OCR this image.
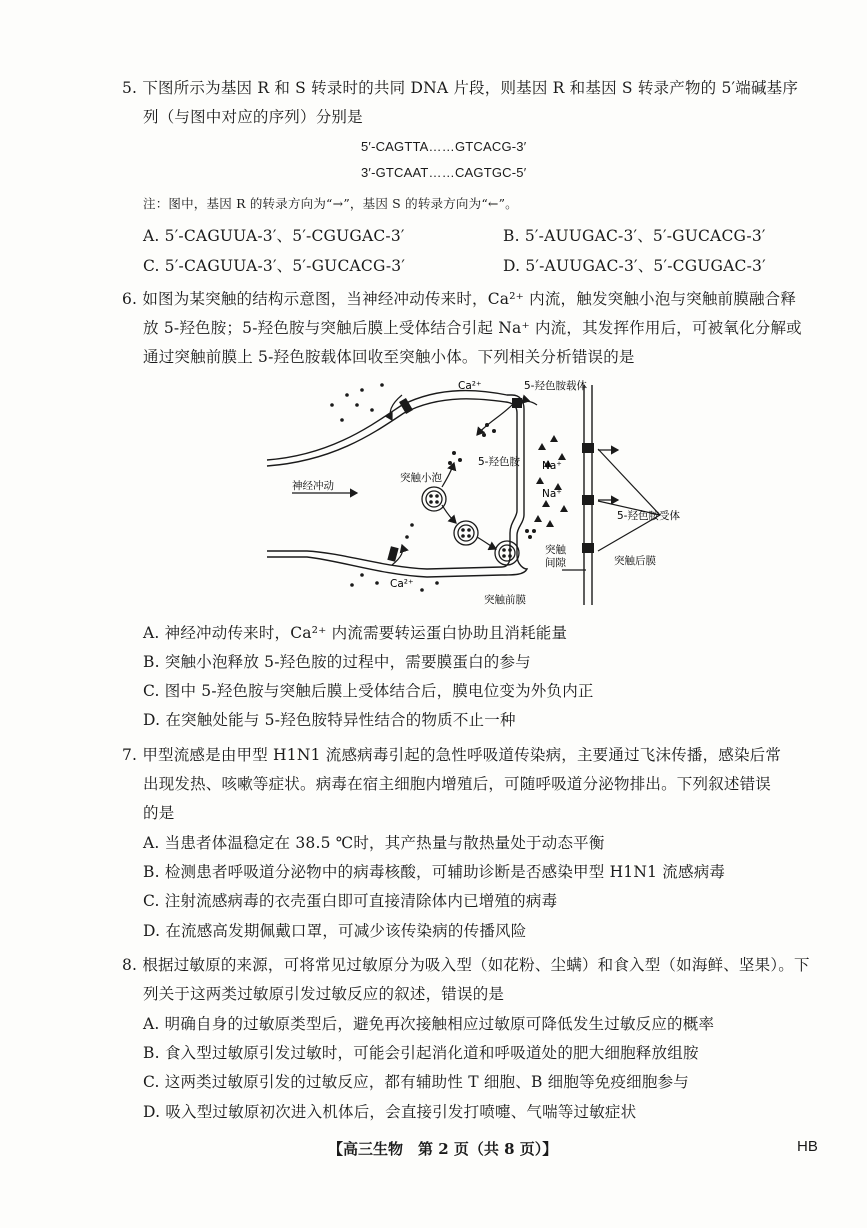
5. 下图所示为基因 R 和 S 转录时的共同 DNA 片段，则基因 R 和基因 S 转录产物的 5′端碱基序
列（与图中对应的序列）分别是
5′-CAGTTA……GTCACG-3′
3′-GTCAAT……CAGTGC-5′
注：图中，基因 R 的转录方向为“→”，基因 S 的转录方向为“←”。
A. 5′-CAGUUA-3′、5′-CGUGAC-3′	B. 5′-AUUGAC-3′、5′-GUCACG-3′
C. 5′-CAGUUA-3′、5′-GUCACG-3′	D. 5′-AUUGAC-3′、5′-CGUGAC-3′
6. 如图为某突触的结构示意图，当神经冲动传来时，Ca²⁺ 内流，触发突触小泡与突触前膜融合释
放 5-羟色胺；5-羟色胺与突触后膜上受体结合引起 Na⁺ 内流，其发挥作用后，可被氧化分解或
通过突触前膜上 5-羟色胺载体回收至突触小体。下列相关分析错误的是
Ca²⁺	5-羟色胺载体
5-羟色胺
突触小泡
神经冲动
Na⁺
Na⁺
5-羟色胺受体
突触
间隙	突触后膜
Ca²⁺
突触前膜
A. 神经冲动传来时，Ca²⁺ 内流需要转运蛋白协助且消耗能量
B. 突触小泡释放 5-羟色胺的过程中，需要膜蛋白的参与
C. 图中 5-羟色胺与突触后膜上受体结合后，膜电位变为外负内正
D. 在突触处能与 5-羟色胺特异性结合的物质不止一种
7. 甲型流感是由甲型 H1N1 流感病毒引起的急性呼吸道传染病，主要通过飞沫传播，感染后常
出现发热、咳嗽等症状。病毒在宿主细胞内增殖后，可随呼吸道分泌物排出。下列叙述错误
的是
A. 当患者体温稳定在 38.5 ℃时，其产热量与散热量处于动态平衡
B. 检测患者呼吸道分泌物中的病毒核酸，可辅助诊断是否感染甲型 H1N1 流感病毒
C. 注射流感病毒的衣壳蛋白即可直接清除体内已增殖的病毒
D. 在流感高发期佩戴口罩，可减少该传染病的传播风险
8. 根据过敏原的来源，可将常见过敏原分为吸入型（如花粉、尘螨）和食入型（如海鲜、坚果）。下
列关于这两类过敏原引发过敏反应的叙述，错误的是
A. 明确自身的过敏原类型后，避免再次接触相应过敏原可降低发生过敏反应的概率
B. 食入型过敏原引发过敏时，可能会引起消化道和呼吸道处的肥大细胞释放组胺
C. 这两类过敏原引发的过敏反应，都有辅助性 T 细胞、B 细胞等免疫细胞参与
D. 吸入型过敏原初次进入机体后，会直接引发打喷嚏、气喘等过敏症状
【高三生物　第 2 页（共 8 页）】	HB
